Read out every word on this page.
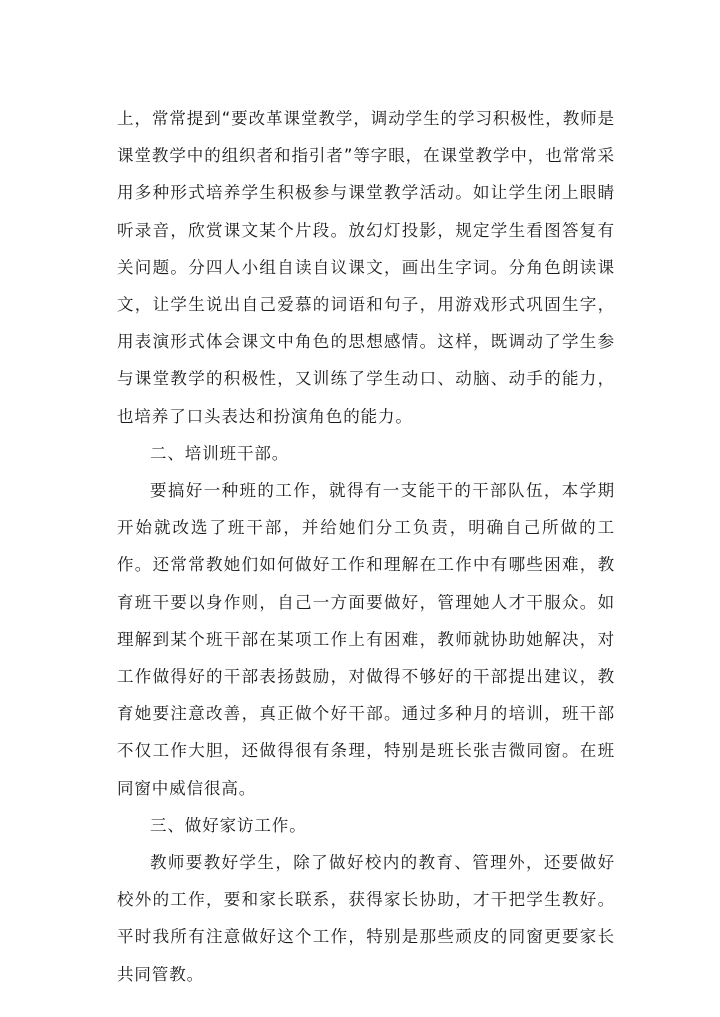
上，常常提到“要改革课堂教学，调动学生的学习积极性，教师是课堂教学中的组织者和指引者”等字眼，在课堂教学中，也常常采用多种形式培养学生积极参与课堂教学活动。如让学生闭上眼睛听录音，欣赏课文某个片段。放幻灯投影，规定学生看图答复有关问题。分四人小组自读自议课文，画出生字词。分角色朗读课文，让学生说出自己爱慕的词语和句子，用游戏形式巩固生字，用表演形式体会课文中角色的思想感情。这样，既调动了学生参与课堂教学的积极性，又训练了学生动口、动脑、动手的能力，也培养了口头表达和扮演角色的能力。

二、培训班干部。

要搞好一种班的工作，就得有一支能干的干部队伍，本学期开始就改选了班干部，并给她们分工负责，明确自己所做的工作。还常常教她们如何做好工作和理解在工作中有哪些困难，教育班干要以身作则，自己一方面要做好，管理她人才干服众。如理解到某个班干部在某项工作上有困难，教师就协助她解决，对工作做得好的干部表扬鼓励，对做得不够好的干部提出建议，教育她要注意改善，真正做个好干部。通过多种月的培训，班干部不仅工作大胆，还做得很有条理，特别是班长张吉微同窗。在班同窗中威信很高。

三、做好家访工作。

教师要教好学生，除了做好校内的教育、管理外，还要做好校外的工作，要和家长联系，获得家长协助，才干把学生教好。平时我所有注意做好这个工作，特别是那些顽皮的同窗更要家长共同管教。
